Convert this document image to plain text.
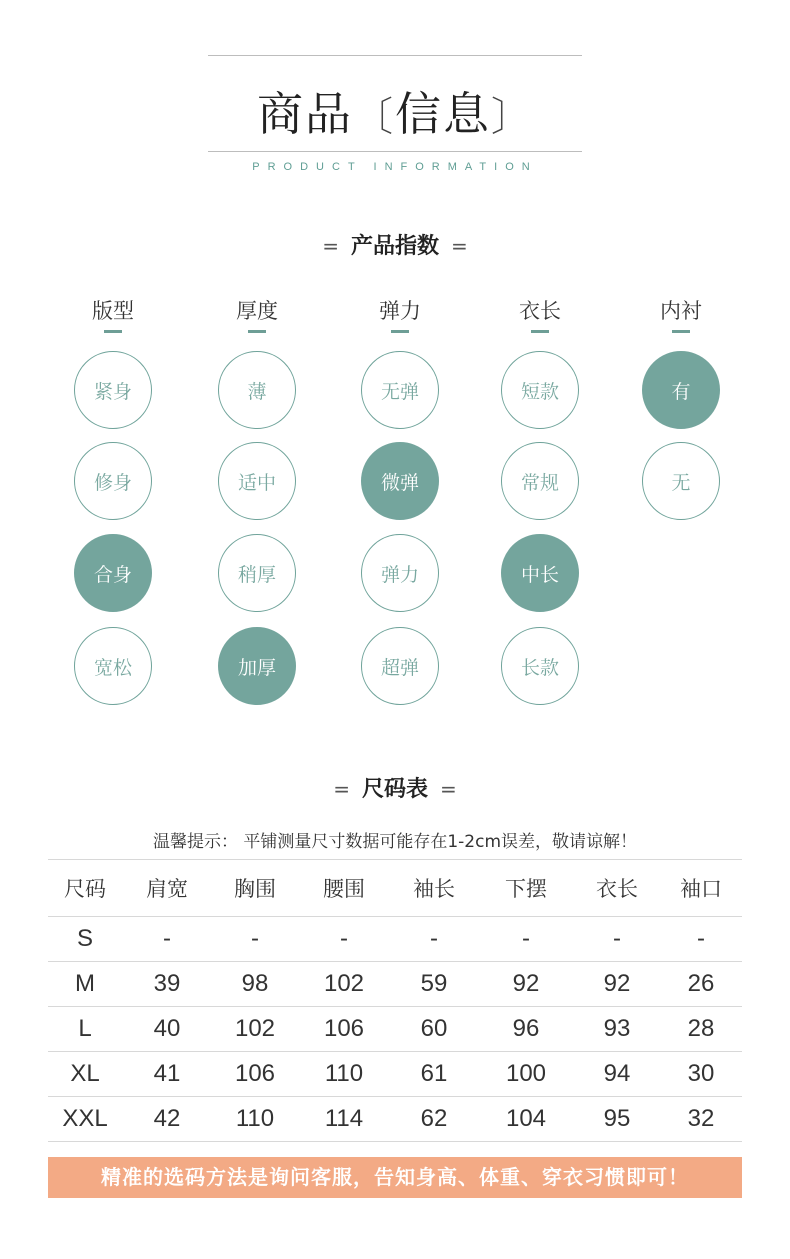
商品〔信息〕
PRODUCT INFORMATION
= 产品指数 =
版型
紧身
修身
合身
宽松
厚度
薄
适中
稍厚
加厚
弹力
无弹
微弹
弹力
超弹
衣长
短款
常规
中长
长款
内衬
有
无
= 尺码表 =
温馨提示： 平铺测量尺寸数据可能存在1-2cm误差，敬请谅解！
尺码	肩宽	胸围	腰围	袖长	下摆	衣长	袖口
S	-	-	-	-	-	-	-
M	39	98	102	59	92	92	26
L	40	102	106	60	96	93	28
XL	41	106	110	61	100	94	30
XXL	42	110	114	62	104	95	32
精准的选码方法是询问客服，告知身高、体重、穿衣习惯即可！
